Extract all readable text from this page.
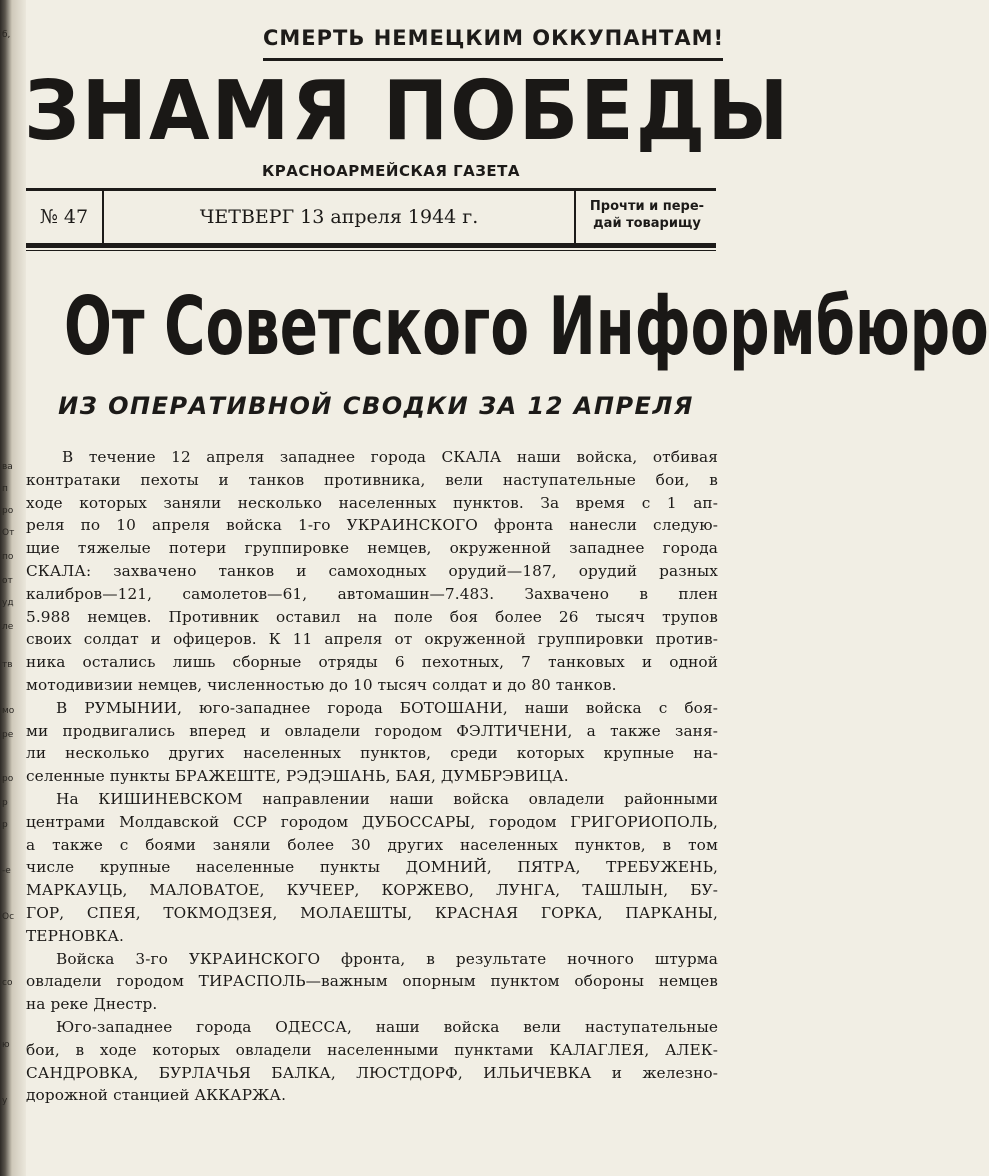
б,
ва
п
ро
От
по
от
уд
ле
тв
мо
ре
ро
р
р
-е
Ос
со
ю
у
СМЕРТЬ НЕМЕЦКИМ ОККУПАНТАМ!
ЗНАМЯ ПОБЕДЫ
КРАСНОАРМЕЙСКАЯ ГАЗЕТА
№ 47	ЧЕТВЕРГ 13 апреля 1944 г.	Прочти и пере-
дай товарищу
От Советского Информбюро
ИЗ ОПЕРАТИВНОЙ СВОДКИ ЗА 12 АПРЕЛЯ
В течение 12 апреля западнее города СКАЛА наши войска, отбивая
контратаки пехоты и танков противника, вели наступательные бои, в
ходе которых заняли несколько населенных пунктов. За время с 1 ап-
реля по 10 апреля войска 1-го УКРАИНСКОГО фронта нанесли следую-
щие тяжелые потери группировке немцев, окруженной западнее города
СКАЛА: захвачено танков и самоходных орудий—187, орудий разных
калибров—121, самолетов—61, автомашин—7.483. Захвачено в плен
5.988 немцев. Противник оставил на поле боя более 26 тысяч трупов
своих солдат и офицеров. К 11 апреля от окруженной группировки против-
ника остались лишь сборные отряды 6 пехотных, 7 танковых и одной
мотодивизии немцев, численностью до 10 тысяч солдат и до 80 танков.
В РУМЫНИИ, юго-западнее города БОТОШАНИ, наши войска с боя-
ми продвигались вперед и овладели городом ФЭЛТИЧЕНИ, а также заня-
ли несколько других населенных пунктов, среди которых крупные на-
селенные пункты БРАЖЕШТЕ, РЭДЭШАНЬ, БАЯ, ДУМБРЭВИЦА.
На КИШИНЕВСКОМ направлении наши войска овладели районными
центрами Молдавской ССР городом ДУБОССАРЫ, городом ГРИГОРИОПОЛЬ,
а также с боями заняли более 30 других населенных пунктов, в том
числе крупные населенные пункты ДОМНИЙ, ПЯТРА, ТРЕБУЖЕНЬ,
МАРКАУЦЬ, МАЛОВАТОЕ, КУЧЕЕР, КОРЖЕВО, ЛУНГА, ТАШЛЫН, БУ-
ГОР, СПЕЯ, ТОКМОДЗЕЯ, МОЛАЕШТЫ, КРАСНАЯ ГОРКА, ПАРКАНЫ,
ТЕРНОВКА.
Войска 3-го УКРАИНСКОГО фронта, в результате ночного штурма
овладели городом ТИРАСПОЛЬ—важным опорным пунктом обороны немцев
на реке Днестр.
Юго-западнее города ОДЕССА, наши войска вели наступательные
бои, в ходе которых овладели населенными пунктами КАЛАГЛЕЯ, АЛЕК-
САНДРОВКА, БУРЛАЧЬЯ БАЛКА, ЛЮСТДОРФ, ИЛЬИЧЕВКА и железно-
дорожной станцией АККАРЖА.
